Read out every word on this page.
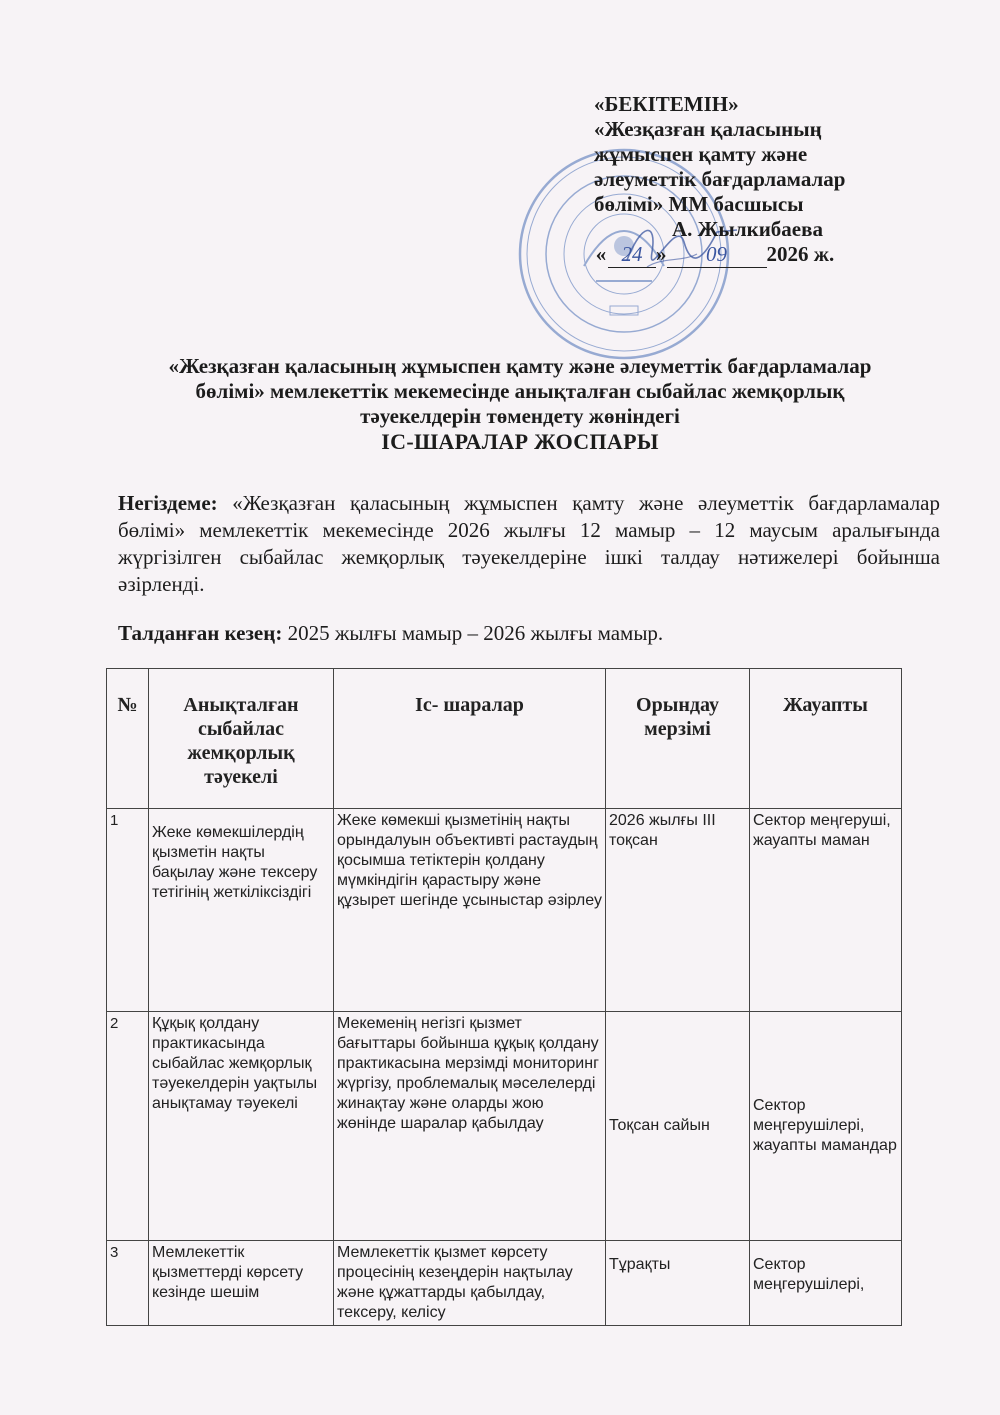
«БЕКІТЕМІН»
«Жезқазған қаласының
жұмыспен қамту және
әлеуметтік бағдарламалар
бөлімі» ММ басшысы
А. Жылкибаева
« 24 » 09 2026 ж.
«Жезқазған қаласының жұмыспен қамту және әлеуметтік бағдарламалар
бөлімі» мемлекеттік мекемесінде анықталған сыбайлас жемқорлық
тәуекелдерін төмендету жөніндегі
ІС-ШАРАЛАР ЖОСПАРЫ
Негіздеме: «Жезқазған қаласының жұмыспен қамту және әлеуметтік бағдарламалар бөлімі» мемлекеттік мекемесінде 2026 жылғы 12 мамыр – 12 маусым аралығында жүргізілген сыбайлас жемқорлық тәуекелдеріне ішкі талдау нәтижелері бойынша әзірленді.
Талданған кезең: 2025 жылғы мамыр – 2026 жылғы мамыр.
№	Анықталған сыбайлас жемқорлық тәуекелі	Іс- шаралар	Орындау мерзімі	Жауапты
1	Жеке көмекшілердің қызметін нақты бақылау және тексеру тетігінің жеткіліксіздігі	Жеке көмекші қызметінің нақты орындалуын объективті растаудың қосымша тетіктерін қолдану мүмкіндігін қарастыру және құзырет шегінде ұсыныстар әзірлеу	2026 жылғы III тоқсан	Сектор меңгеруші, жауапты маман
2	Құқық қолдану практикасында сыбайлас жемқорлық тәуекелдерін уақтылы анықтамау тәуекелі	Мекеменің негізгі қызмет бағыттары бойынша құқық қолдану практикасына мерзімді мониторинг жүргізу, проблемалық мәселелерді жинақтау және оларды жою жөнінде шаралар қабылдау	Тоқсан сайын	Сектор меңгерушілері, жауапты мамандар
3	Мемлекеттік қызметтерді көрсету кезінде шешім	Мемлекеттік қызмет көрсету процесінің кезеңдерін нақтылау және құжаттарды қабылдау, тексеру, келісу	Тұрақты	Сектор меңгерушілері,
